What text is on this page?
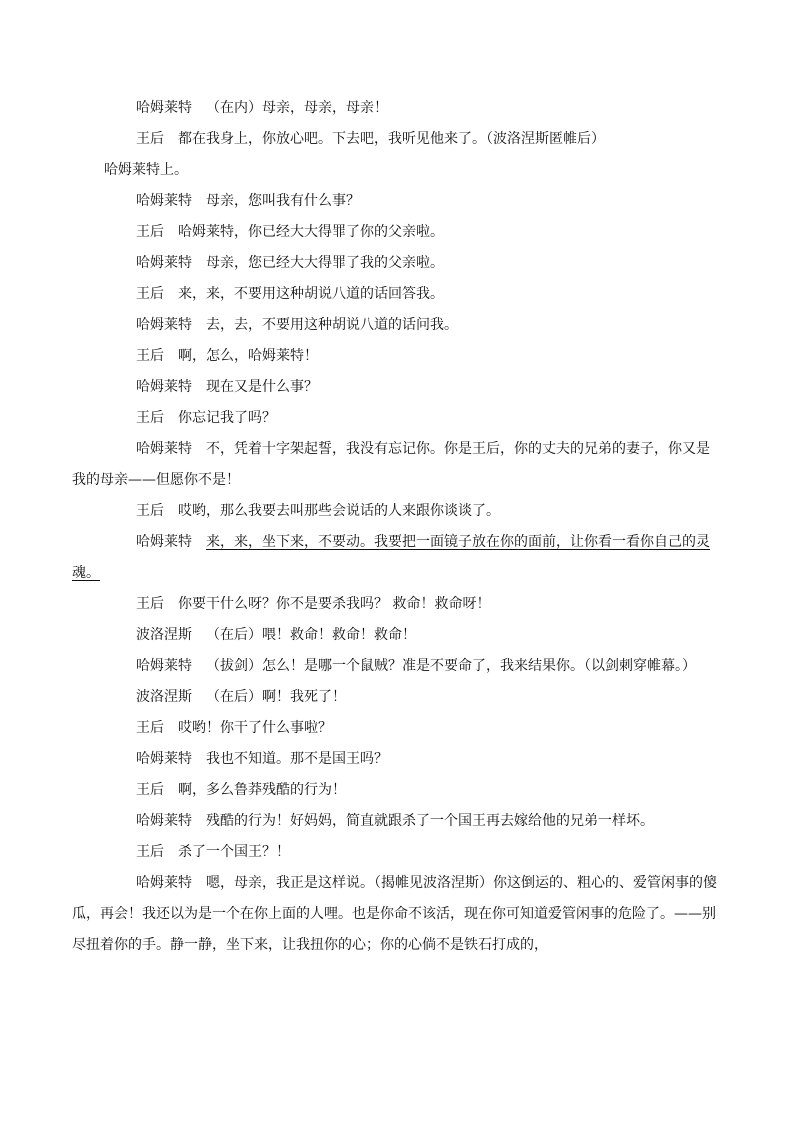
哈姆莱特 （在内）母亲，母亲，母亲！

王后 都在我身上，你放心吧。下去吧，我听见他来了。（波洛涅斯匿帷后）

哈姆莱特上。

哈姆莱特 母亲，您叫我有什么事？

王后 哈姆莱特，你已经大大得罪了你的父亲啦。

哈姆莱特 母亲，您已经大大得罪了我的父亲啦。

王后 来，来，不要用这种胡说八道的话回答我。

哈姆莱特 去，去，不要用这种胡说八道的话问我。

王后 啊，怎么，哈姆莱特！

哈姆莱特 现在又是什么事？

王后 你忘记我了吗？

哈姆莱特 不，凭着十字架起誓，我没有忘记你。你是王后，你的丈夫的兄弟的妻子，你又是我的母亲——但愿你不是！

王后 哎哟，那么我要去叫那些会说话的人来跟你谈谈了。

哈姆莱特 来，来，坐下来，不要动。我要把一面镜子放在你的面前，让你看一看你自己的灵魂。

王后 你要干什么呀？你不是要杀我吗？ 救命！救命呀！

波洛涅斯 （在后）喂！救命！救命！救命！

哈姆莱特 （拔剑）怎么！是哪一个鼠贼？准是不要命了，我来结果你。（以剑刺穿帷幕。）

波洛涅斯 （在后）啊！我死了！

王后 哎哟！你干了什么事啦？

哈姆莱特 我也不知道。那不是国王吗？

王后 啊，多么鲁莽残酷的行为！

哈姆莱特 残酷的行为！好妈妈，简直就跟杀了一个国王再去嫁给他的兄弟一样坏。

王后 杀了一个国王？！

哈姆莱特 嗯，母亲，我正是这样说。（揭帷见波洛涅斯）你这倒运的、粗心的、爱管闲事的傻瓜，再会！我还以为是一个在你上面的人哩。也是你命不该活，现在你可知道爱管闲事的危险了。——别尽扭着你的手。静一静，坐下来，让我扭你的心；你的心倘不是铁石打成的，
